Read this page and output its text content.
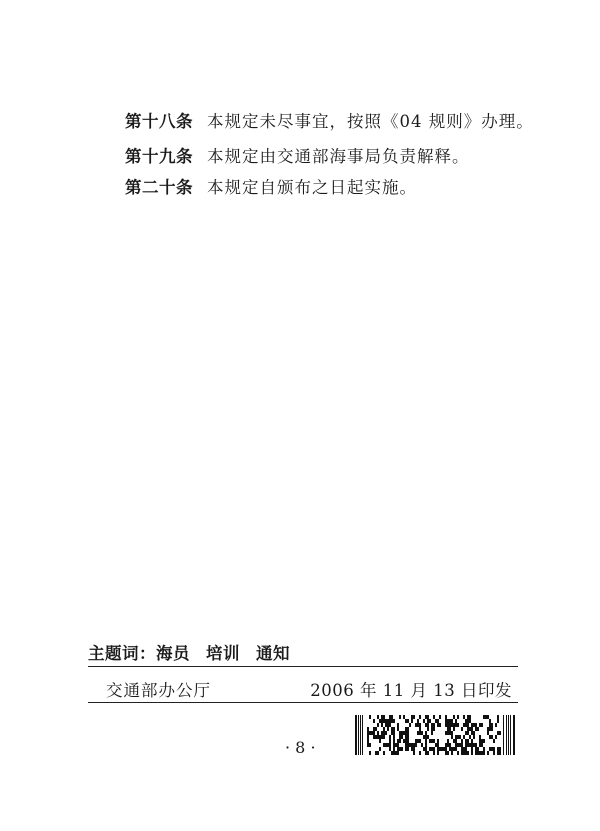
第十八条 本规定未尽事宜，按照《04 规则》办理。
第十九条 本规定由交通部海事局负责解释。
第二十条 本规定自颁布之日起实施。
主题词：海员 培训 通知
交通部办公厅	2006 年 11 月 13 日印发
· 8 ·
